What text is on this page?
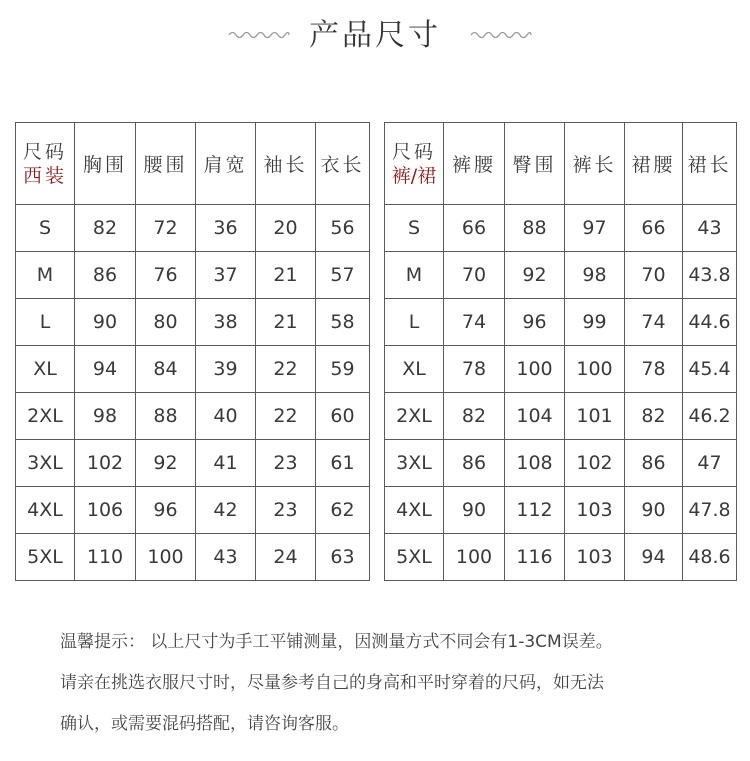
产品尺寸
尺码
西装	胸围	腰围	肩宽	袖长	衣长
S	82	72	36	20	56
M	86	76	37	21	57
L	90	80	38	21	58
XL	94	84	39	22	59
2XL	98	88	40	22	60
3XL	102	92	41	23	61
4XL	106	96	42	23	62
5XL	110	100	43	24	63
尺码
裤/裙	裤腰	臀围	裤长	裙腰	裙长
S	66	88	97	66	43
M	70	92	98	70	43.8
L	74	96	99	74	44.6
XL	78	100	100	78	45.4
2XL	82	104	101	82	46.2
3XL	86	108	102	86	47
4XL	90	112	103	90	47.8
5XL	100	116	103	94	48.6
温馨提示： 以上尺寸为手工平铺测量，因测量方式不同会有1-3CM误差。
请亲在挑选衣服尺寸时，尽量参考自己的身高和平时穿着的尺码，如无法
确认，或需要混码搭配，请咨询客服。
